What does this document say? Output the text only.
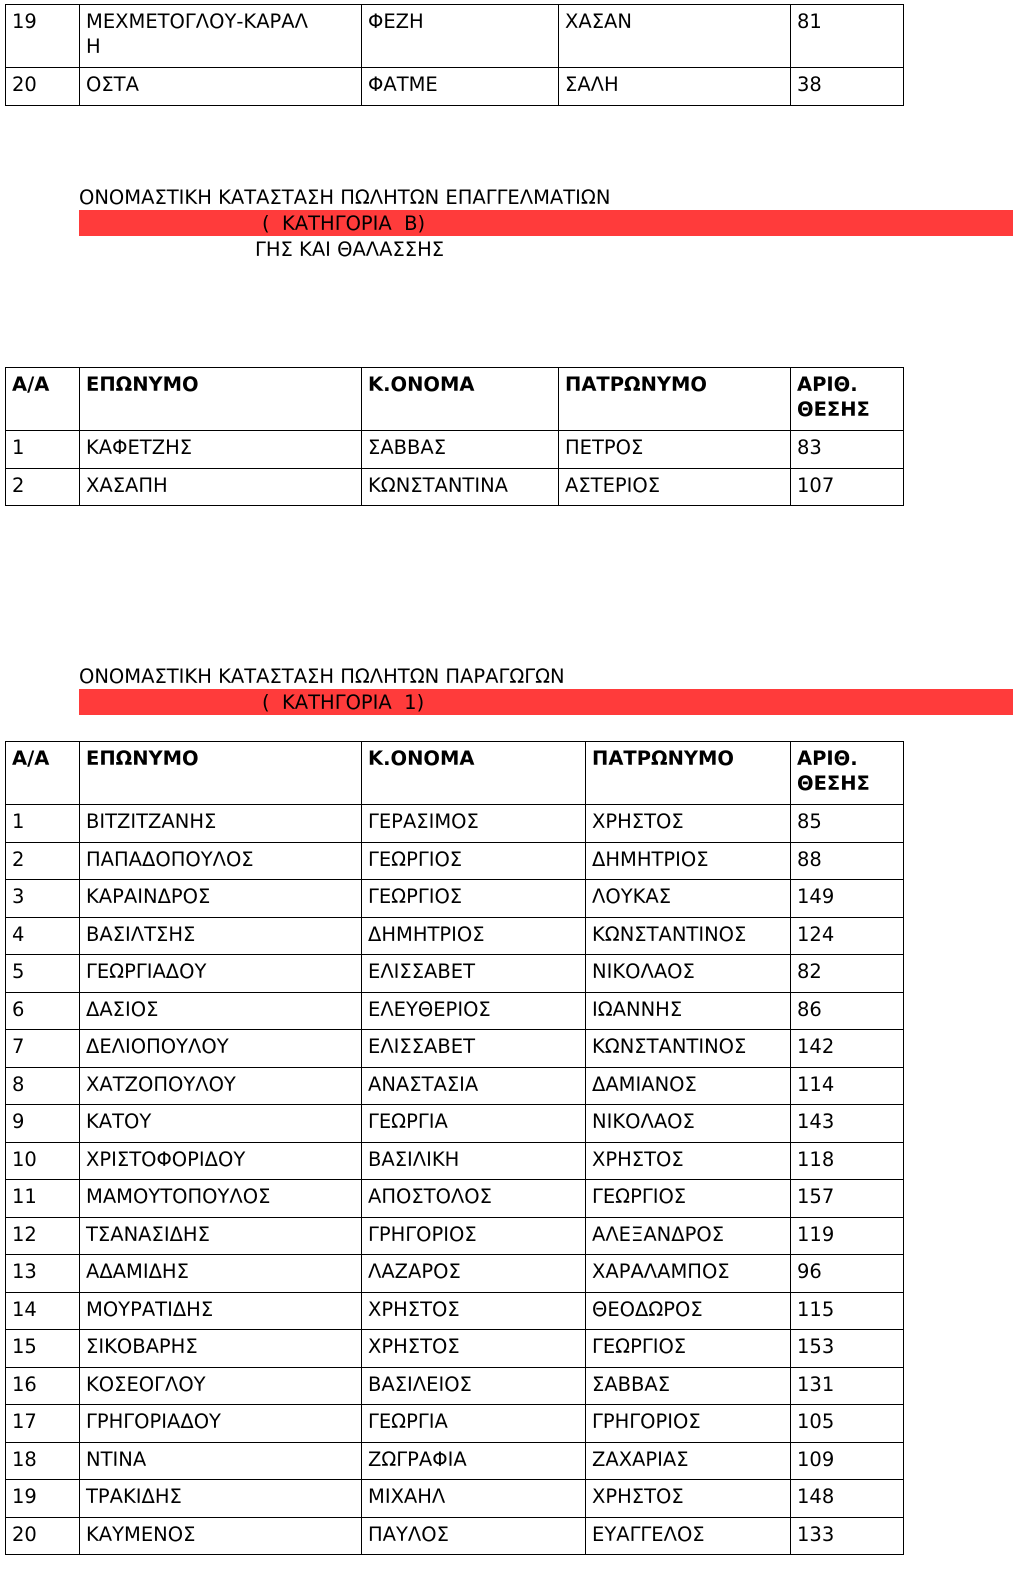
19	ΜΕΧΜΕΤΟΓΛΟΥ-ΚΑΡΑΛΗ	ΦΕΖΗ	ΧΑΣΑΝ	81
20	ΟΣΤΑ	ΦΑΤΜΕ	ΣΑΛΗ	38
ΟΝΟΜΑΣΤΙΚΗ ΚΑΤΑΣΤΑΣΗ ΠΩΛΗΤΩΝ ΕΠΑΓΓΕΛΜΑΤΙΩΝ
(  ΚΑΤΗΓΟΡΙΑ  Β)
ΓΗΣ ΚΑΙ ΘΑΛΑΣΣΗΣ
Α/Α	ΕΠΩΝΥΜΟ	Κ.ΟΝΟΜΑ	ΠΑΤΡΩΝΥΜΟ	ΑΡΙΘ. ΘΕΣΗΣ
1	ΚΑΦΕΤΖΗΣ	ΣΑΒΒΑΣ	ΠΕΤΡΟΣ	83
2	ΧΑΣΑΠΗ	ΚΩΝΣΤΑΝΤΙΝΑ	ΑΣΤΕΡΙΟΣ	107
ΟΝΟΜΑΣΤΙΚΗ ΚΑΤΑΣΤΑΣΗ ΠΩΛΗΤΩΝ ΠΑΡΑΓΩΓΩΝ
(  ΚΑΤΗΓΟΡΙΑ  1)
Α/Α	ΕΠΩΝΥΜΟ	Κ.ΟΝΟΜΑ	ΠΑΤΡΩΝΥΜΟ	ΑΡΙΘ. ΘΕΣΗΣ
1	ΒΙΤΖΙΤΖΑΝΗΣ	ΓΕΡΑΣΙΜΟΣ	ΧΡΗΣΤΟΣ	85
2	ΠΑΠΑΔΟΠΟΥΛΟΣ	ΓΕΩΡΓΙΟΣ	ΔΗΜΗΤΡΙΟΣ	88
3	ΚΑΡΑΙΝΔΡΟΣ	ΓΕΩΡΓΙΟΣ	ΛΟΥΚΑΣ	149
4	ΒΑΣΙΛΤΣΗΣ	ΔΗΜΗΤΡΙΟΣ	ΚΩΝΣΤΑΝΤΙΝΟΣ	124
5	ΓΕΩΡΓΙΑΔΟΥ	ΕΛΙΣΣΑΒΕΤ	ΝΙΚΟΛΑΟΣ	82
6	ΔΑΣΙΟΣ	ΕΛΕΥΘΕΡΙΟΣ	ΙΩΑΝΝΗΣ	86
7	ΔΕΛΙΟΠΟΥΛΟΥ	ΕΛΙΣΣΑΒΕΤ	ΚΩΝΣΤΑΝΤΙΝΟΣ	142
8	ΧΑΤΖΟΠΟΥΛΟΥ	ΑΝΑΣΤΑΣΙΑ	ΔΑΜΙΑΝΟΣ	114
9	ΚΑΤΟΥ	ΓΕΩΡΓΙΑ	ΝΙΚΟΛΑΟΣ	143
10	ΧΡΙΣΤΟΦΟΡΙΔΟΥ	ΒΑΣΙΛΙΚΗ	ΧΡΗΣΤΟΣ	118
11	ΜΑΜΟΥΤΟΠΟΥΛΟΣ	ΑΠΟΣΤΟΛΟΣ	ΓΕΩΡΓΙΟΣ	157
12	ΤΣΑΝΑΣΙΔΗΣ	ΓΡΗΓΟΡΙΟΣ	ΑΛΕΞΑΝΔΡΟΣ	119
13	ΑΔΑΜΙΔΗΣ	ΛΑΖΑΡΟΣ	ΧΑΡΑΛΑΜΠΟΣ	96
14	ΜΟΥΡΑΤΙΔΗΣ	ΧΡΗΣΤΟΣ	ΘΕΟΔΩΡΟΣ	115
15	ΣΙΚΟΒΑΡΗΣ	ΧΡΗΣΤΟΣ	ΓΕΩΡΓΙΟΣ	153
16	ΚΟΣΕΟΓΛΟΥ	ΒΑΣΙΛΕΙΟΣ	ΣΑΒΒΑΣ	131
17	ΓΡΗΓΟΡΙΑΔΟΥ	ΓΕΩΡΓΙΑ	ΓΡΗΓΟΡΙΟΣ	105
18	ΝΤΙΝΑ	ΖΩΓΡΑΦΙΑ	ΖΑΧΑΡΙΑΣ	109
19	ΤΡΑΚΙΔΗΣ	ΜΙΧΑΗΛ	ΧΡΗΣΤΟΣ	148
20	ΚΑΥΜΕΝΟΣ	ΠΑΥΛΟΣ	ΕΥΑΓΓΕΛΟΣ	133
